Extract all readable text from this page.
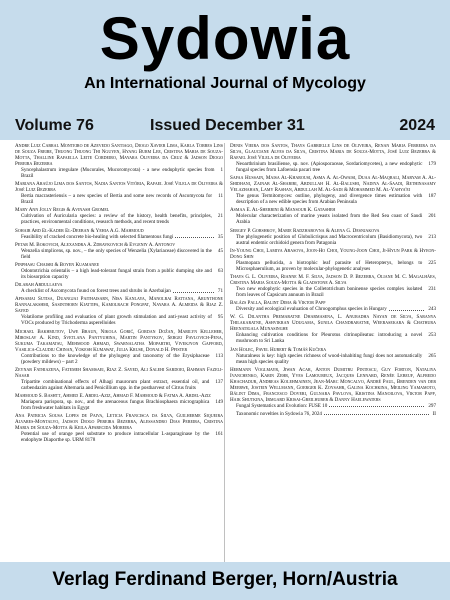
Sydowia
An International Journal of Mycology
Volume 76	Issued December 31	2024
Andre Luiz Cabral Monteiro de Azevedo Santiago, Diogo Xavier Lima, Karla Torres Lins de Souza Freire, Thuong Thuong Thi Nguyen, Hyang Burm Lee, Cristina Maria de Souza-Motta, Thalline Rafaella Leite Cordeiro, Mayara Oliveira da Cruz & Jadson Diogo Pereira Bezerra
Syncephalastrum irregulare (Mucorales, Mucoromycota) - a new endophytic species from Brazil
1
Mariana Araújo Lima dos Santos, Nadia Santos Vitória, Rafael José Vilela de Oliveira & José Luiz Bezerra
Bertia macrasteriensis – a new species of Bertia and some new records of Ascomycota for Brazil
11
Mary Ann Jolly Regis & Avinash Gromel
Cultivation of Auricularia species: a review of the history, health benefits, principles, practices, environmental conditions, research methods, and recent trends
21
Sohair Abd El-Kader El-Deeban & Yehia A.G. Mahmoud
Feasibility of cracked concrete bio-healing with selected filamentous fungi	35
Petar M. Bokovich, Alexandra A. Zdravkovich & Evgeniy A. Antonov
Wenzelia simplicens, sp. nov., – the only species of Wenzelia (Xylariaceae) discovered in the field
45
Pinphasu Chaisri & Boyen Kuamanee
Odontotrichia orientalis – a high lead-tolerant fungal strain from a public dumping site and its biosorption capacity
63
Dilarah Abdullaeva
A checklist of Ascomycota found on forest trees and shrubs in Azerbaijan	71
Apisamai Sutisa, Duangjai Paithaisarn, Nisa Kanlaya, Manolrai Rattana, Arunthone Rannalakshmi, Sasinthorn Kiattipa, Kamolrach Pongpat, Nayara A. Almeida & Riaz Z. Sayed
Volatilome profiling and evaluation of plant growth stimulation and anti-yeast activity of VOCs produced by Trichoderma asperelloides
95
Michael Bakhmutov, Uwe Braun, Nikola Gorić, Gordan Dožan, Marilyn Kelleher, Miroslav A. Kind, Svetlana Pantyuhina, Martin Pantykov, Sergej Pavlovich-Pena, Sukuma Takamatsu, Mehmood Ahmad, Swarnalatha Moparthi, Vivekjyon Gafford, Vasilica-Claudiu Chinan, Yokesh Kumawat, Julia Kruse, Donald H. Pfister
Contributions to the knowledge of the phylogeny and taxonomy of the Erysiphaceae (powdery mildews) – part 2
113
Zeynab Fathiazena, Fatemeh Shamsaei, Riaz Z. Sayed, Ali Salehi Sardoei, Bahman Fazeli-Nasab
Tripartite combinational effects of Alhagi maurorum plant extract, essential oil, and carbendazim against Alternaria and Penicillium spp. in the postharvest of Citrus fruits
137
Mahmoud S. Bashtt, Ahmed E. Abdel-Aziz, Ahmad F. Mahmoud & Fatma A. Abdel-Aziz
Mariapora parispora, sp. nov., and the arenaceous fungus Brachiosphaera micrographica from freshwater habitats in Egypt
149
Ana Patricia Sousa Lopes de Paiva, Leticia Francisca da Silva, Guilherme Siqueira Alvares-Montalvo, Jadson Diogo Pereira Bezerra, Alessandro Dias Pereira, Cristina Maria de Souza-Motta & Keila Aparecida Moreira
Potential use of orange peel substrate to produce intracellular L-asparaginase by the endophyte Diaporthe sp. URM 8178
161
Denis Vieira dos Santos, Thays Gabrielle Lins de Oliveira, Renan Maria Ferreira da Silva, Glauciane Alves da Silva, Cristina Maria de Souza-Motta, José Luiz Bezerra & Rafael José Vilela de Oliveira
Neoarthrinium brasiliense, sp. nov. (Apiosporaceae, Sordariomycetes), a new endophytic fungal species from Lafoensia pacari tree
179
Safaa Hussain, Maisa Al-Kharousi, Asma A. Al-Owaisi, Duaa Al-Maqbali, Maryam A. Al-Shidhani, Zainab Al-Shabibi, Abdullah H. Al-Balushi, Nadiya Al-Saadi, Rethinasamy Velazhahan, Lamy Rashan, Abdullah M. Al-Sadi & Mohammed M. Al-Yahya'ei
The genus Termitomyces: outline, phylogeny, and divergence times estimation with description of a new edible species from Arabian Peninsula
187
Asmaa E. Al-Sherbini & Mansour K. Gatasheh
Molecular characterization of marine yeasts isolated from the Red Sea coast of Saudi Arabia
201
Sergey P. Gorshkov, Marie Radzhabovna & Alena G. Desnjakova
The phylogenetic position of Globulicrispus and Macrocentricolum (Basidiomycota), two austral endemic orchidoid genera from Patagonia
213
In-Young Choi, Lamiya Abasova, Joon-Ho Choi, Young-Joon Choi, Ji-Hyun Park & Hyeon-Dong Shin
Plasmopara pellucida, a biotrophic leaf parasite of Heteropterys, belongs to Microsphaerulium, as proven by molecular-phylogenetic analyses
225
Thays G. L. Oliveira, Rianne M. F. Silva, Jadson D. P. Bezerra, Oliane M. C. Magalhães, Cristina Maria Souza-Motta & Gladstone A. Silva
Two new endophytic species in the Colletotrichum boninense species complex isolated from leaves of Capsicum annuum in Brazil
231
Balázs Palla, Balint Dima & Viktor Papp
Diversity and ecological evaluation of Chroogomphus species in Hungary	243
W. G. Dilantha Premaratne Dharmasena, L. Anuradha Nayan de Silva, Saranya Thilakaratne, Ashvikran Udugama, Sunila Chandraratne, Weerasekara & Chathura Heenatigala Munasinghe
Enhancing cultivation conditions for Pleurotus citrinopileatus: introducing a novel mushroom to Sri Lanka
253
Jan Holec, Pavel Hubert & Tomáš Kučera
Naturalness is key: high species richness of wood-inhabiting fungi does not automatically mean high species quality
265
Hermann Voglmayr, Jiwan Acar, Anton Dumitru Pintescu, Guy Forton, Nataliya Ivanchenko, Karin Zehr, Yves Lamoureux, Jacques Lennard, Renée Lebeuf, Alfredo Khachadur, Andreas Kolehmainen, Jean-Marc Moncalvo, André Paul, Brenden van der Meerwe, Jostein Wellmann, Goerger K. Zoysahr, Galina Kochkina, Meiling Yamamoto, Bálint Dima, Francesco Doveri, Gulnara Pavlova, Kristina Manoilova, Viktor Papp, Haik Shutkina, Irmgard Krisai-Greilhuber & Danny Haelewaters
Fungal Systematics and Evolution: FUSE 10	297
Taxonomic novelties in Sydowia 76, 2024	II
Verlag Ferdinand Berger, Horn/Austria
